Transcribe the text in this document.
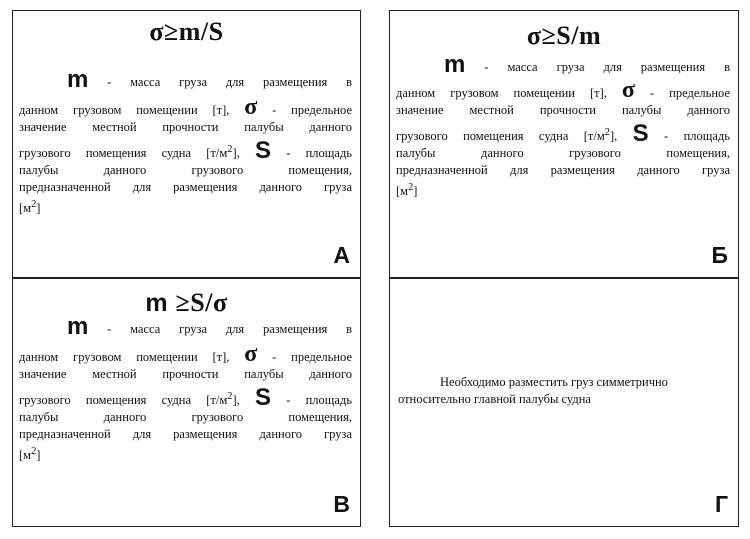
σ≥m/S
m - масса груза для размещения в
данном грузовом помещении [т], σ - предельное
значение местной прочности палубы данного
грузового помещения судна $[т/м^2]$, S - площадь
палубы данного грузового помещения,
предназначенной для размещения данного груза
$[м^2]$
А
σ≥S/m
m - масса груза для размещения в
данном грузовом помещении [т], σ - предельное
значение местной прочности палубы данного
грузового помещения судна $[т/м^2]$, S - площадь
палубы данного грузового помещения,
предназначенной для размещения данного груза
$[м^2]$
Б
m ≥S/σ
m - масса груза для размещения в
данном грузовом помещении [т], σ - предельное
значение местной прочности палубы данного
грузового помещения судна $[т/м^2]$, S - площадь
палубы данного грузового помещения,
предназначенной для размещения данного груза
$[м^2]$
В
Необходимо разместить груз симметрично
относительно главной палубы судна
Г
